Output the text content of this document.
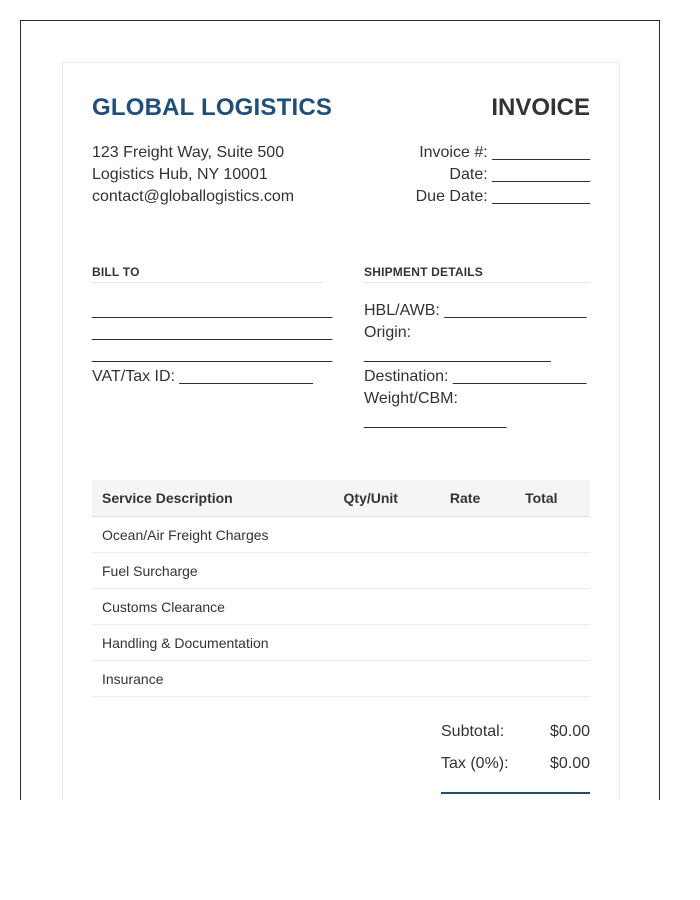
GLOBAL LOGISTICS	INVOICE
123 Freight Way, Suite 500
Logistics Hub, NY 10001
contact@globallogistics.com
Invoice #: ___________
Date: ___________
Due Date: ___________
BILL TO	SHIPMENT DETAILS
___________________________
___________________________
___________________________
VAT/Tax ID: _______________
HBL/AWB: ________________
Origin:
_____________________
Destination: _______________
Weight/CBM:
________________
Service Description	Qty/Unit	Rate	Total
Ocean/Air Freight Charges			
Fuel Surcharge			
Customs Clearance			
Handling & Documentation			
Insurance			
Subtotal:	$0.00
Tax (0%):	$0.00
